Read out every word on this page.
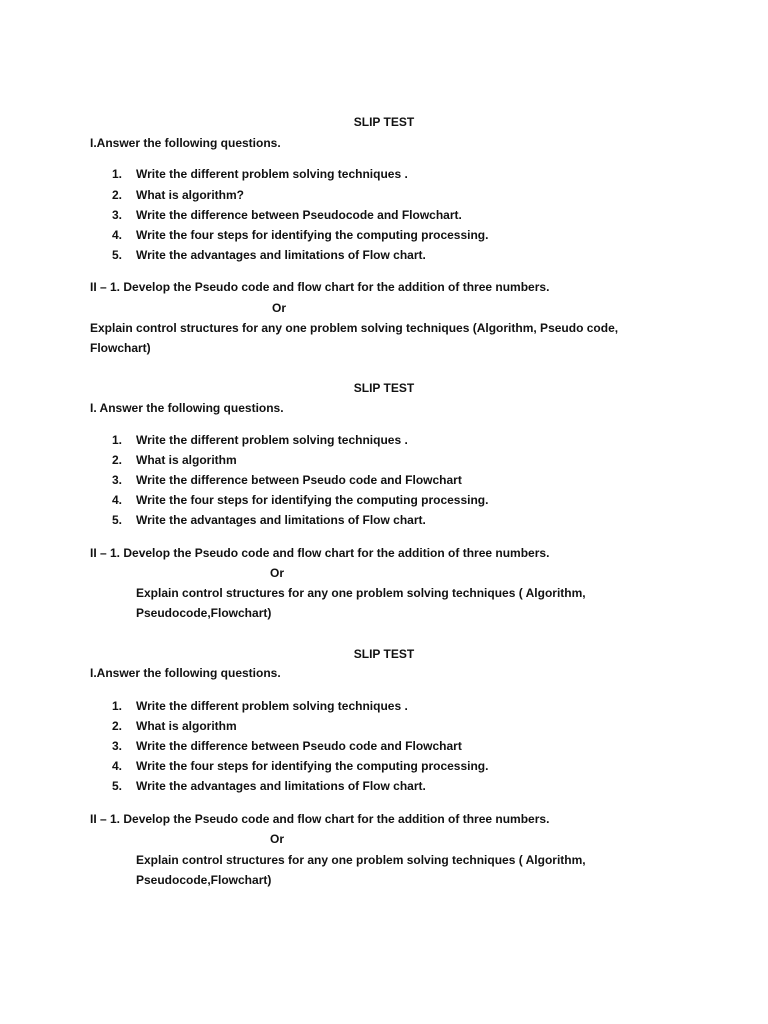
SLIP TEST
I.Answer the following questions.
1. Write the different problem solving techniques .
2. What is algorithm?
3. Write the difference between Pseudocode and Flowchart.
4. Write the four steps for identifying the computing processing.
5. Write the advantages and limitations of Flow chart.
II – 1. Develop the Pseudo code and flow chart for the addition of three numbers.
Or
Explain control structures for any one problem solving techniques (Algorithm, Pseudo code,
Flowchart)
SLIP TEST
I. Answer the following questions.
1. Write the different problem solving techniques .
2. What is algorithm
3. Write the difference between Pseudo code and Flowchart
4. Write the four steps for identifying the computing processing.
5. Write the advantages and limitations of Flow chart.
II – 1. Develop the Pseudo code and flow chart for the addition of three numbers.
Or
Explain control structures for any one problem solving techniques ( Algorithm,
Pseudocode,Flowchart)
SLIP TEST
I.Answer the following questions.
1. Write the different problem solving techniques .
2. What is algorithm
3. Write the difference between Pseudo code and Flowchart
4. Write the four steps for identifying the computing processing.
5. Write the advantages and limitations of Flow chart.
II – 1. Develop the Pseudo code and flow chart for the addition of three numbers.
Or
Explain control structures for any one problem solving techniques ( Algorithm,
Pseudocode,Flowchart)
